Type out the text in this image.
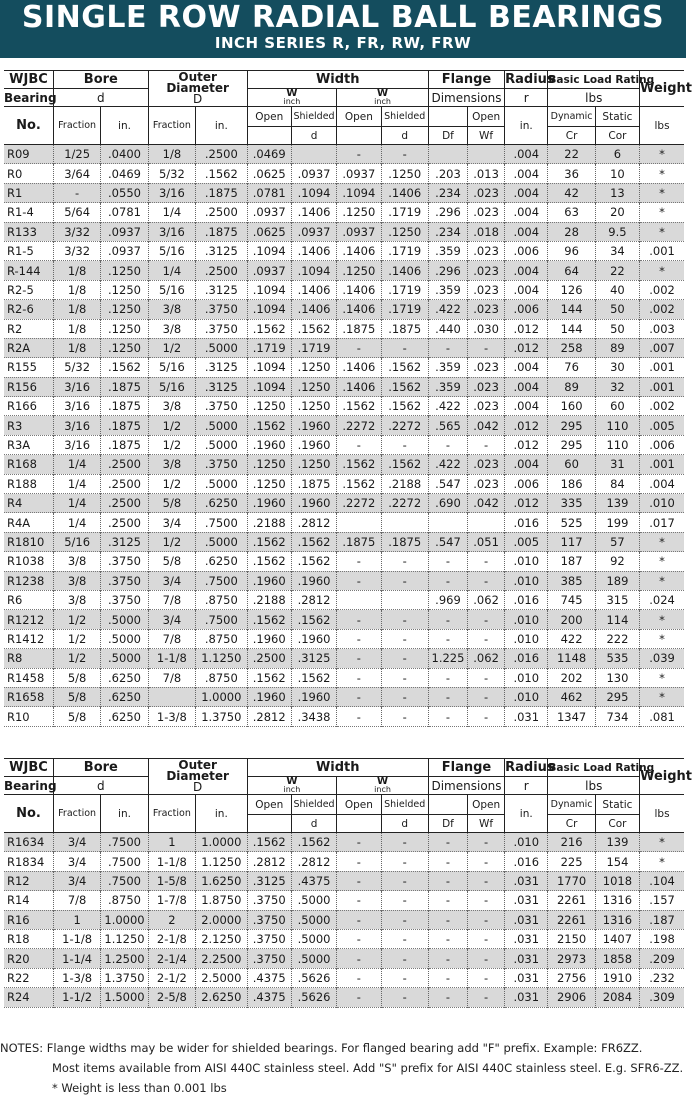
SINGLE ROW RADIAL BALL BEARINGS
INCH SERIES R, FR, RW, FRW
WJBC	Bore		Outer
Diameter
D		Width				Flange		Radius	Basic Load Rating		Weight
Bearing	d				W
inch		W
inch		Dimensions		r	lbs		
No.	Fraction	in.	Fraction	in.	Open	Shielded	Open	Shielded		Open	in.	Dynamic	Static	lbs
						d		d	Df	Wf		Cr	Cor	
R09	1/25	.0400	1/8	.2500	.0469		-	-			.004	22	6	*
R0	3/64	.0469	5/32	.1562	.0625	.0937	.0937	.1250	.203	.013	.004	36	10	*
R1	-	.0550	3/16	.1875	.0781	.1094	.1094	.1406	.234	.023	.004	42	13	*
R1-4	5/64	.0781	1/4	.2500	.0937	.1406	.1250	.1719	.296	.023	.004	63	20	*
R133	3/32	.0937	3/16	.1875	.0625	.0937	.0937	.1250	.234	.018	.004	28	9.5	*
R1-5	3/32	.0937	5/16	.3125	.1094	.1406	.1406	.1719	.359	.023	.006	96	34	.001
R-144	1/8	.1250	1/4	.2500	.0937	.1094	.1250	.1406	.296	.023	.004	64	22	*
R2-5	1/8	.1250	5/16	.3125	.1094	.1406	.1406	.1719	.359	.023	.004	126	40	.002
R2-6	1/8	.1250	3/8	.3750	.1094	.1406	.1406	.1719	.422	.023	.006	144	50	.002
R2	1/8	.1250	3/8	.3750	.1562	.1562	.1875	.1875	.440	.030	.012	144	50	.003
R2A	1/8	.1250	1/2	.5000	.1719	.1719	-	-	-	-	.012	258	89	.007
R155	5/32	.1562	5/16	.3125	.1094	.1250	.1406	.1562	.359	.023	.004	76	30	.001
R156	3/16	.1875	5/16	.3125	.1094	.1250	.1406	.1562	.359	.023	.004	89	32	.001
R166	3/16	.1875	3/8	.3750	.1250	.1250	.1562	.1562	.422	.023	.004	160	60	.002
R3	3/16	.1875	1/2	.5000	.1562	.1960	.2272	.2272	.565	.042	.012	295	110	.005
R3A	3/16	.1875	1/2	.5000	.1960	.1960	-	-	-	-	.012	295	110	.006
R168	1/4	.2500	3/8	.3750	.1250	.1250	.1562	.1562	.422	.023	.004	60	31	.001
R188	1/4	.2500	1/2	.5000	.1250	.1875	.1562	.2188	.547	.023	.006	186	84	.004
R4	1/4	.2500	5/8	.6250	.1960	.1960	.2272	.2272	.690	.042	.012	335	139	.010
R4A	1/4	.2500	3/4	.7500	.2188	.2812					.016	525	199	.017
R1810	5/16	.3125	1/2	.5000	.1562	.1562	.1875	.1875	.547	.051	.005	117	57	*
R1038	3/8	.3750	5/8	.6250	.1562	.1562	-	-	-	-	.010	187	92	*
R1238	3/8	.3750	3/4	.7500	.1960	.1960	-	-	-	-	.010	385	189	*
R6	3/8	.3750	7/8	.8750	.2188	.2812			.969	.062	.016	745	315	.024
R1212	1/2	.5000	3/4	.7500	.1562	.1562	-	-	-	-	.010	200	114	*
R1412	1/2	.5000	7/8	.8750	.1960	.1960	-	-	-	-	.010	422	222	*
R8	1/2	.5000	1-1/8	1.1250	.2500	.3125	-	-	1.225	.062	.016	1148	535	.039
R1458	5/8	.6250	7/8	.8750	.1562	.1562	-	-	-	-	.010	202	130	*
R1658	5/8	.6250		1.0000	.1960	.1960	-	-	-	-	.010	462	295	*
R10	5/8	.6250	1-3/8	1.3750	.2812	.3438	-	-	-	-	.031	1347	734	.081
WJBC	Bore		Outer
Diameter
D		Width				Flange		Radius	Basic Load Rating		Weight
Bearing	d				W
inch		W
inch		Dimensions		r	lbs		
No.	Fraction	in.	Fraction	in.	Open	Shielded	Open	Shielded		Open	in.	Dynamic	Static	lbs
						d		d	Df	Wf		Cr	Cor	
R1634	3/4	.7500	1	1.0000	.1562	.1562	-	-	-	-	.010	216	139	*
R1834	3/4	.7500	1-1/8	1.1250	.2812	.2812	-	-	-	-	.016	225	154	*
R12	3/4	.7500	1-5/8	1.6250	.3125	.4375	-	-	-	-	.031	1770	1018	.104
R14	7/8	.8750	1-7/8	1.8750	.3750	.5000	-	-	-	-	.031	2261	1316	.157
R16	1	1.0000	2	2.0000	.3750	.5000	-	-	-	-	.031	2261	1316	.187
R18	1-1/8	1.1250	2-1/8	2.1250	.3750	.5000	-	-	-	-	.031	2150	1407	.198
R20	1-1/4	1.2500	2-1/4	2.2500	.3750	.5000	-	-	-	-	.031	2973	1858	.209
R22	1-3/8	1.3750	2-1/2	2.5000	.4375	.5626	-	-	-	-	.031	2756	1910	.232
R24	1-1/2	1.5000	2-5/8	2.6250	.4375	.5626	-	-	-	-	.031	2906	2084	.309
NOTES: Flange widths may be wider for shielded bearings. For flanged bearing add "F" prefix. Example: FR6ZZ.
Most items available from AISI 440C stainless steel. Add "S" prefix for AISI 440C stainless steel. E.g. SFR6-ZZ.
* Weight is less than 0.001 lbs
